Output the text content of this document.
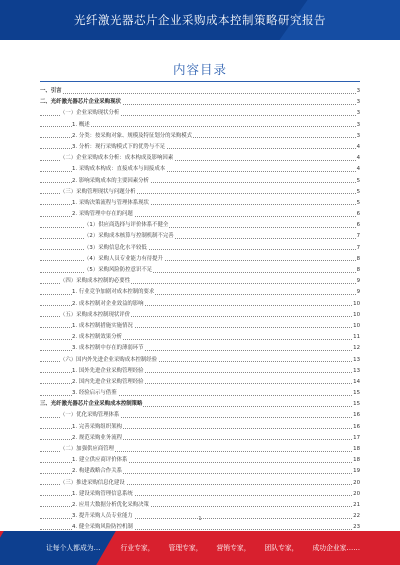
光纤激光器芯片企业采购成本控制策略研究报告
内容目录
一、引言	3
二、光纤激光器芯片企业采购现状	3
（一）企业采购现状分析	3
1. 概述	3
2. 分类：按采购对象、规模及特征划分的采购模式	3
3. 分析：现行采购模式下的优势与不足	4
（二）企业采购成本分析：成本构成及影响因素	4
1. 采购成本构成：直接成本与间接成本	4
2. 影响采购成本的主要因素分析	5
（三）采购管理现状与问题分析	5
1. 采购决策流程与管理体系现状	5
2. 采购管理中存在的问题	6
（1）供应商选择与评价体系不健全	6
（2）采购成本核算与控制机制不完善	7
（3）采购信息化水平较低	7
（4）采购人员专业能力有待提升	8
（5）采购风险防控意识不足	8
（四）采购成本控制的必要性	9
1. 行业竞争加剧对成本控制的要求	9
2. 成本控制对企业效益的影响	10
（五）采购成本控制现状评价	10
1. 成本控制措施实施情况	10
2. 成本控制效果分析	11
3. 成本控制中存在的薄弱环节	12
（六）国内外先进企业采购成本控制经验	13
1. 国外先进企业采购管理经验	13
2. 国内先进企业采购管理经验	14
3. 经验启示与借鉴	15
三、光纤激光器芯片企业采购成本控制策略	15
（一）优化采购管理体系	16
1. 完善采购组织架构	16
2. 规范采购业务流程	17
（二）加强供应商管理	18
1. 建立供应商评价体系	18
2. 构建战略合作关系	19
（三）推进采购信息化建设	20
1. 建设采购管理信息系统	20
2. 应用大数据分析优化采购决策	21
3. 提升采购人员专业能力	22
4. 健全采购风险防控机制	23
1
让每个人都成为…	行业专家， 管理专家， 营销专家， 团队专家， 成功企业家……
